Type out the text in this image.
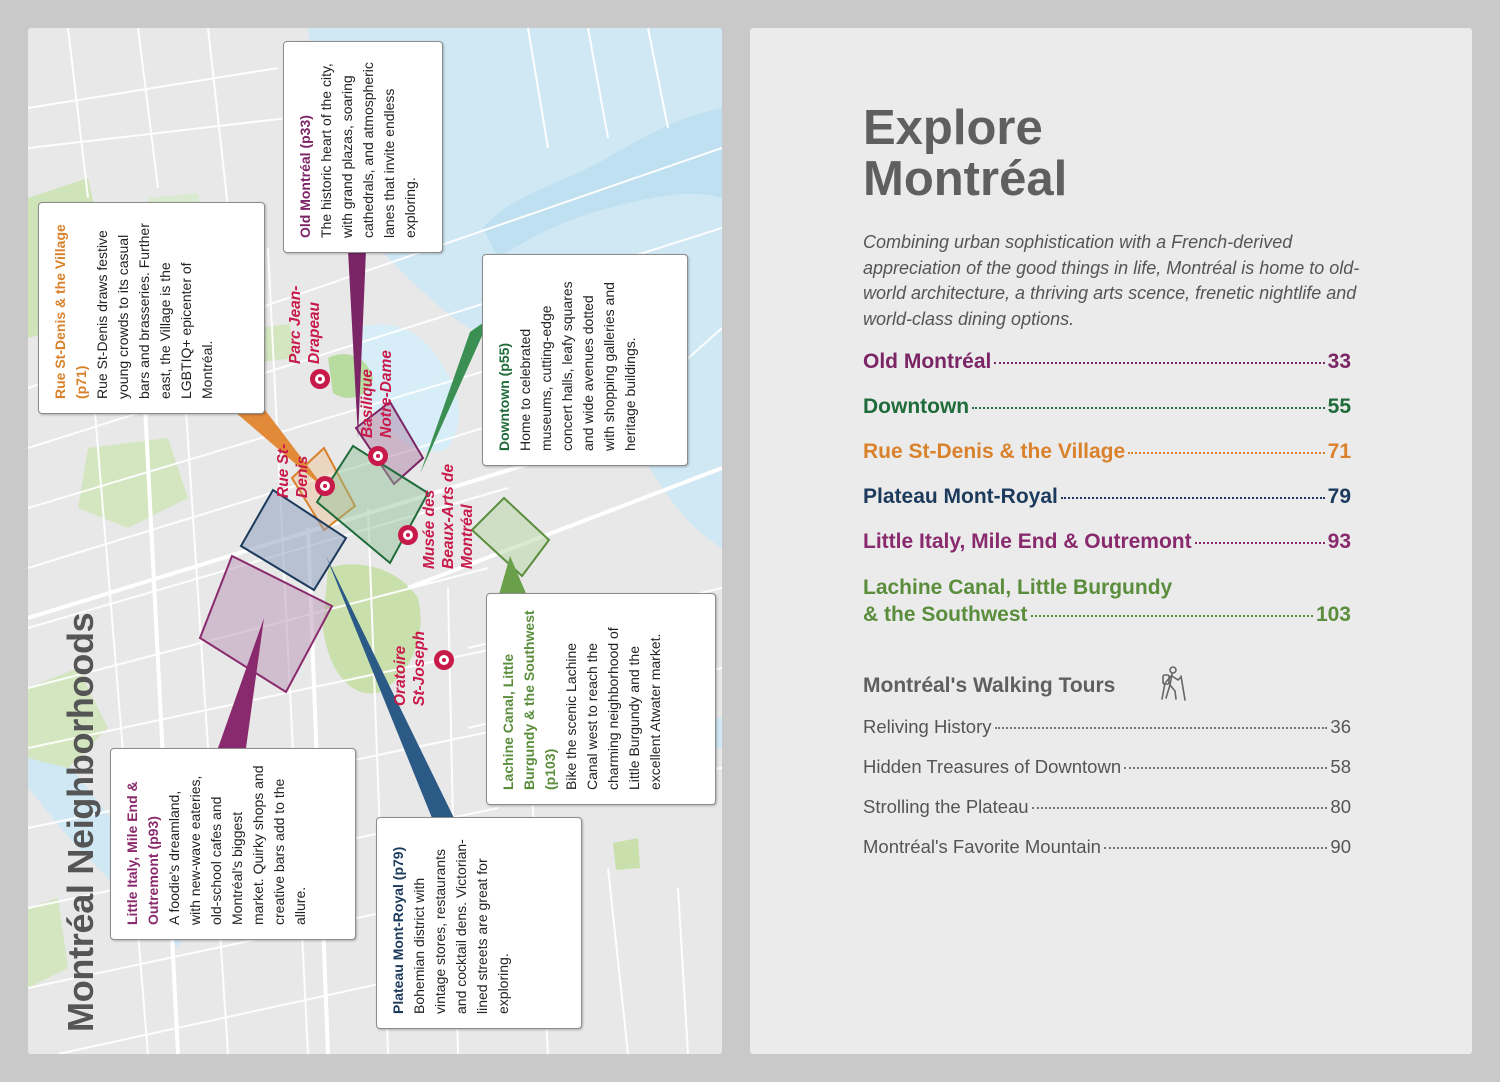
Old Montréal (p33) The historic heart of the city, with grand plazas, soaring cathedrals, and atmospheric lanes that invite endless exploring.
Rue St-Denis & the Village (p71) Rue St-Denis draws festive young crowds to its casual bars and brasseries. Further east, the Village is the LGBTIQ+ epicenter of Montréal.	Downtown (p55) Home to celebrated museums, cutting-edge concert halls, leafy squares and wide avenues dotted with shopping galleries and heritage buildings.
Lachine Canal, Little Burgundy & the Southwest (p103) Bike the scenic Lachine Canal west to reach the charming neighborhood of Little Burgundy and the excellent Atwater market.
Little Italy, Mile End & Outremont (p93) A foodie's dreamland, with new-wave eateries, old-school cafes and Montréal's biggest market. Quirky shops and creative bars add to the allure.	Plateau Mont-Royal (p79) Bohemian district with vintage stores, restaurants and cocktail dens. Victorian-lined streets are great for exploring.
Parc Jean-Drapeau
Basilique Notre-Dame
Rue St-Denis
Musée des Beaux-Arts de Montréal
Oratoire St-Joseph
Montréal Neighborhoods
Explore
Montréal

Combining urban sophistication with a French-derived appreciation of the good things in life, Montréal is home to old-world architecture, a thriving arts scence, frenetic nightlife and world-class dining options.

Old Montréal	33
Downtown	55
Rue St-Denis & the Village	71
Plateau Mont-Royal	79
Little Italy, Mile End & Outremont	93
Lachine Canal, Little Burgundy
& the Southwest	103
Montréal's Walking Tours
Reliving History	36
Hidden Treasures of Downtown	58
Strolling the Plateau	80
Montréal's Favorite Mountain	90
